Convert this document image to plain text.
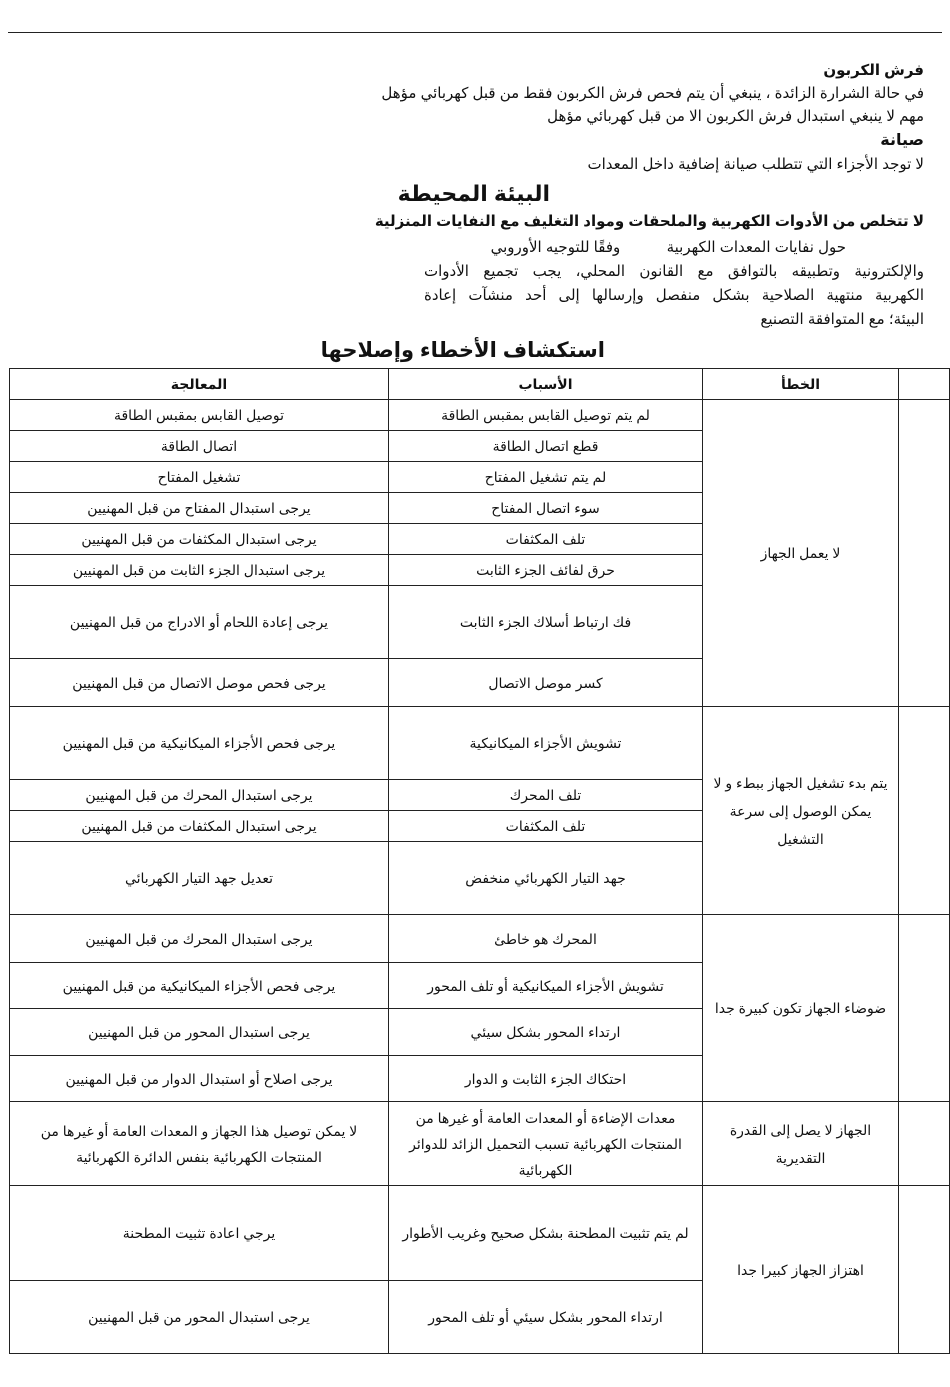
فرش الكربون
في حالة الشرارة الزائدة ، ينبغي أن يتم فحص فرش الكربون فقط من قبل كهربائي مؤهل
مهم لا ينبغي استبدال فرش الكربون الا من قبل كهربائي مؤهل
صيانة
لا توجد الأجزاء التي تتطلب صيانة إضافية داخل المعدات
البيئة المحيطة
لا تتخلص من الأدوات الكهربية والملحقات ومواد التغليف مع النفايات المنزلية
حول نفايات المعدات الكهربية  وفقًا للتوجيه الأوروبي
والإلكترونية وتطبيقه بالتوافق مع القانون المحلي، يجب تجميع الأدوات
الكهربية منتهية الصلاحية بشكل منفصل وإرسالها إلى أحد منشآت إعادة
البيئة؛ مع المتوافقة التصنيع
استكشاف الأخطاء وإصلاحها
	الخطأ	الأسباب	المعالجة
	لا يعمل الجهاز	لم يتم توصيل القابس بمقبس الطاقة	توصيل القابس بمقبس الطاقة
		قطع اتصال الطاقة	اتصال الطاقة
		لم يتم تشغيل المفتاح	تشغيل المفتاح
		سوء اتصال المفتاح	يرجى استبدال المفتاح من قبل المهنيين
		تلف المكثفات	يرجى استبدال المكثفات من قبل المهنيين
		حرق لفائف الجزء الثابت	يرجى استبدال الجزء الثابت من قبل المهنيين
		فك ارتباط أسلاك الجزء الثابت	يرجى إعادة اللحام أو الادراج من قبل المهنيين
		كسر موصل الاتصال	يرجى فحص موصل الاتصال من قبل المهنيين
	يتم بدء تشغيل الجهاز ببطء و لا يمكن الوصول إلى سرعة التشغيل	تشويش الأجزاء الميكانيكية	يرجى فحص الأجزاء الميكانيكية من قبل المهنيين
		تلف المحرك	يرجى استبدال المحرك من قبل المهنيين
		تلف المكثفات	يرجى استبدال المكثفات من قبل المهنيين
		جهد التيار الكهربائي منخفض	تعديل جهد التيار الكهربائي
	ضوضاء الجهاز تكون كبيرة جدا	المحرك هو خاطئ	يرجى استبدال المحرك من قبل المهنيين
		تشويش الأجزاء الميكانيكية أو تلف المحور	يرجى فحص الأجزاء الميكانيكية من قبل المهنيين
		ارتداء المحور بشكل سيئي	يرجى استبدال المحور من قبل المهنيين
		احتكاك الجزء الثابت و الدوار	يرجى اصلاح أو استبدال الدوار من قبل المهنيين
	الجهاز لا يصل إلى القدرة التقديرية	معدات الإضاءة أو المعدات العامة أو غيرها من المنتجات الكهربائية تسبب التحميل الزائد للدوائر الكهربائية	لا يمكن توصيل هذا الجهاز و المعدات العامة أو غيرها من المنتجات الكهربائية بنفس الدائرة الكهربائية
	اهتزاز الجهاز كبيرا جدا	لم يتم تثبيت المطحنة بشكل صحيح وغريب الأطوار	يرجي اعادة تثبيت المطحنة
		ارتداء المحور بشكل سيئي أو تلف المحور	يرجى استبدال المحور من قبل المهنيين
